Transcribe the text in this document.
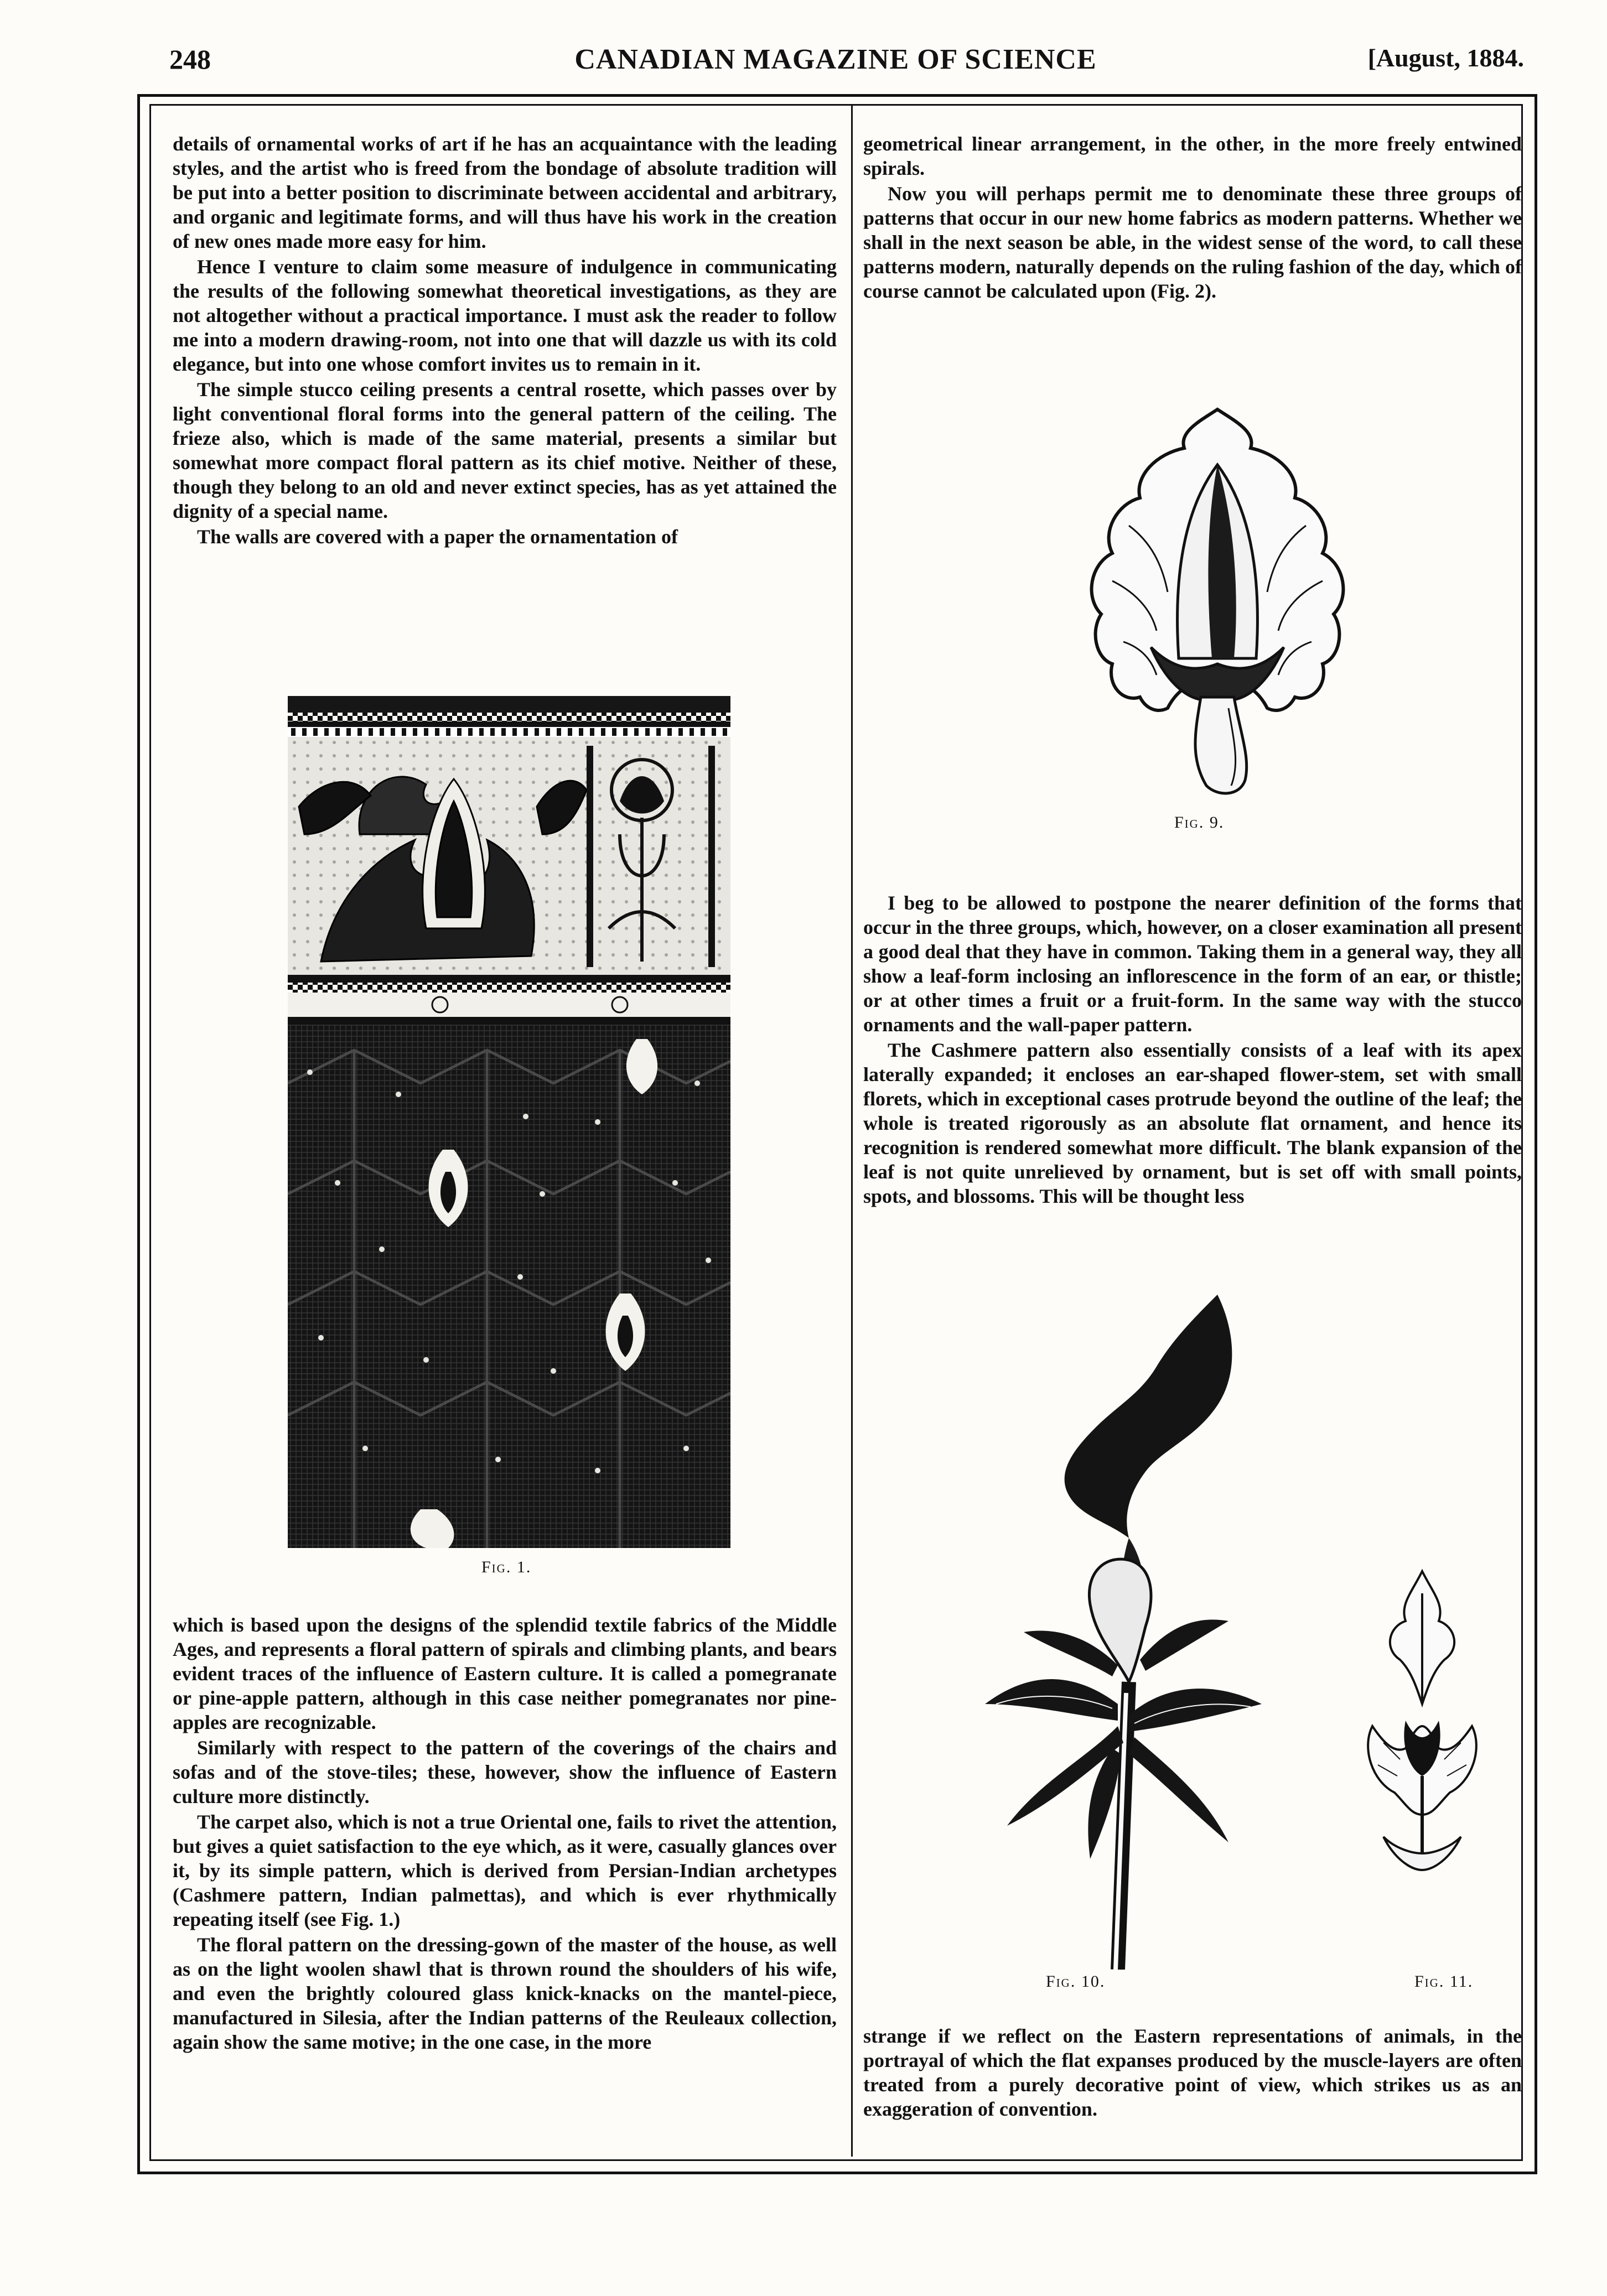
248	CANADIAN MAGAZINE OF SCIENCE	[August, 1884.

details of ornamental works of art if he has an acquaintance with the leading styles, and the artist who is freed from the bondage of absolute tradition will be put into a better position to discriminate between accidental and arbitrary, and organic and legitimate forms, and will thus have his work in the creation of new ones made more easy for him.

Hence I venture to claim some measure of indulgence in communicating the results of the following somewhat theoretical investigations, as they are not altogether without a practical importance. I must ask the reader to follow me into a modern drawing-room, not into one that will dazzle us with its cold elegance, but into one whose comfort invites us to remain in it.

The simple stucco ceiling presents a central rosette, which passes over by light conventional floral forms into the general pattern of the ceiling. The frieze also, which is made of the same material, presents a similar but somewhat more compact floral pattern as its chief motive. Neither of these, though they belong to an old and never extinct species, has as yet attained the dignity of a special name.

The walls are covered with a paper the ornamentation of

Fig. 1.

which is based upon the designs of the splendid textile fabrics of the Middle Ages, and represents a floral pattern of spirals and climbing plants, and bears evident traces of the influence of Eastern culture. It is called a pomegranate or pine-apple pattern, although in this case neither pomegranates nor pine-apples are recognizable.

Similarly with respect to the pattern of the coverings of the chairs and sofas and of the stove-tiles; these, however, show the influence of Eastern culture more distinctly.

The carpet also, which is not a true Oriental one, fails to rivet the attention, but gives a quiet satisfaction to the eye which, as it were, casually glances over it, by its simple pattern, which is derived from Persian-Indian archetypes (Cashmere pattern, Indian palmettas), and which is ever rhythmically repeating itself (see Fig. 1.)

The floral pattern on the dressing-gown of the master of the house, as well as on the light woolen shawl that is thrown round the shoulders of his wife, and even the brightly coloured glass knick-knacks on the mantel-piece, manufactured in Silesia, after the Indian patterns of the Reuleaux collection, again show the same motive; in the one case, in the more

geometrical linear arrangement, in the other, in the more freely entwined spirals.

Now you will perhaps permit me to denominate these three groups of patterns that occur in our new home fabrics as modern patterns. Whether we shall in the next season be able, in the widest sense of the word, to call these patterns modern, naturally depends on the ruling fashion of the day, which of course cannot be calculated upon (Fig. 2).

Fig. 9.

I beg to be allowed to postpone the nearer definition of the forms that occur in the three groups, which, however, on a closer examination all present a good deal that they have in common. Taking them in a general way, they all show a leaf-form inclosing an inflorescence in the form of an ear, or thistle; or at other times a fruit or a fruit-form. In the same way with the stucco ornaments and the wall-paper pattern.

The Cashmere pattern also essentially consists of a leaf with its apex laterally expanded; it encloses an ear-shaped flower-stem, set with small florets, which in exceptional cases protrude beyond the outline of the leaf; the whole is treated rigorously as an absolute flat ornament, and hence its recognition is rendered somewhat more difficult. The blank expansion of the leaf is not quite unrelieved by ornament, but is set off with small points, spots, and blossoms. This will be thought less

Fig. 10.	Fig. 11.

strange if we reflect on the Eastern representations of animals, in the portrayal of which the flat expanses produced by the muscle-layers are often treated from a purely decorative point of view, which strikes us as an exaggeration of convention.
